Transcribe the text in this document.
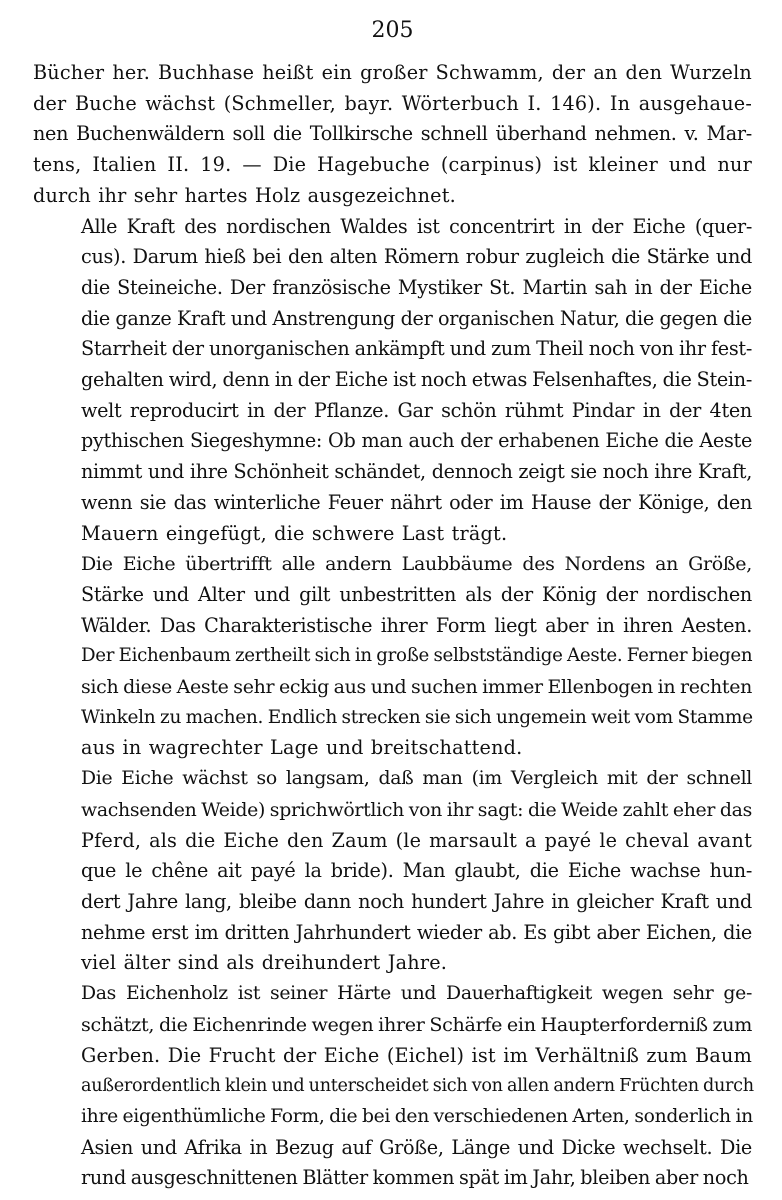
205

Bücher her. Buchhase heißt ein großer Schwamm, der an den Wurzeln
der Buche wächst (Schmeller, bayr. Wörterbuch I. 146). In ausgehaue-
nen Buchenwäldern soll die Tollkirsche schnell überhand nehmen. v. Mar-
tens, Italien II. 19. — Die Hagebuche (carpinus) ist kleiner und nur
durch ihr sehr hartes Holz ausgezeichnet.

Alle Kraft des nordischen Waldes ist concentrirt in der Eiche (quer-
cus). Darum hieß bei den alten Römern robur zugleich die Stärke und
die Steineiche. Der französische Mystiker St. Martin sah in der Eiche
die ganze Kraft und Anstrengung der organischen Natur, die gegen die
Starrheit der unorganischen ankämpft und zum Theil noch von ihr fest-
gehalten wird, denn in der Eiche ist noch etwas Felsenhaftes, die Stein-
welt reproducirt in der Pflanze. Gar schön rühmt Pindar in der 4ten
pythischen Siegeshymne: Ob man auch der erhabenen Eiche die Aeste
nimmt und ihre Schönheit schändet, dennoch zeigt sie noch ihre Kraft,
wenn sie das winterliche Feuer nährt oder im Hause der Könige, den
Mauern eingefügt, die schwere Last trägt.

Die Eiche übertrifft alle andern Laubbäume des Nordens an Größe,
Stärke und Alter und gilt unbestritten als der König der nordischen
Wälder. Das Charakteristische ihrer Form liegt aber in ihren Aesten.
Der Eichenbaum zertheilt sich in große selbstständige Aeste. Ferner biegen
sich diese Aeste sehr eckig aus und suchen immer Ellenbogen in rechten
Winkeln zu machen. Endlich strecken sie sich ungemein weit vom Stamme
aus in wagrechter Lage und breitschattend.

Die Eiche wächst so langsam, daß man (im Vergleich mit der schnell
wachsenden Weide) sprichwörtlich von ihr sagt: die Weide zahlt eher das
Pferd, als die Eiche den Zaum (le marsault a payé le cheval avant
que le chêne ait payé la bride). Man glaubt, die Eiche wachse hun-
dert Jahre lang, bleibe dann noch hundert Jahre in gleicher Kraft und
nehme erst im dritten Jahrhundert wieder ab. Es gibt aber Eichen, die
viel älter sind als dreihundert Jahre.

Das Eichenholz ist seiner Härte und Dauerhaftigkeit wegen sehr ge-
schätzt, die Eichenrinde wegen ihrer Schärfe ein Haupterforderniß zum
Gerben. Die Frucht der Eiche (Eichel) ist im Verhältniß zum Baum
außerordentlich klein und unterscheidet sich von allen andern Früchten durch
ihre eigenthümliche Form, die bei den verschiedenen Arten, sonderlich in
Asien und Afrika in Bezug auf Größe, Länge und Dicke wechselt. Die
rund ausgeschnittenen Blätter kommen spät im Jahr, bleiben aber noch
